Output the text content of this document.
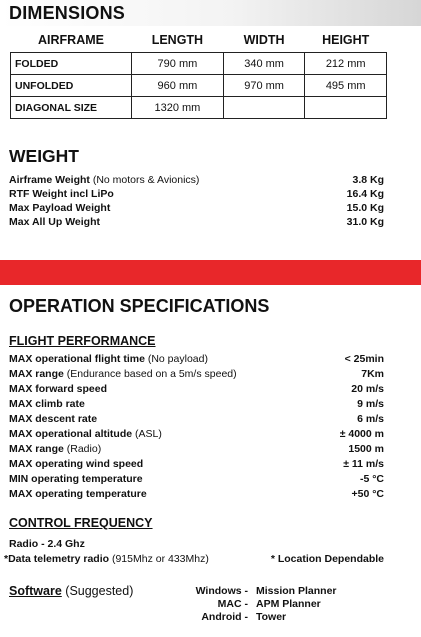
DIMENSIONS
AIRFRAME	LENGTH	WIDTH	HEIGHT
FOLDED	790 mm	340 mm	212 mm
UNFOLDED	960 mm	970 mm	495 mm
DIAGONAL SIZE	1320 mm		
WEIGHT
Airframe Weight (No motors & Avionics)	3.8 Kg
RTF Weight incl LiPo	16.4 Kg
Max Payload Weight	15.0 Kg
Max All Up Weight	31.0 Kg
OPERATION SPECIFICATIONS
FLIGHT PERFORMANCE
MAX operational flight time (No payload)	< 25min
MAX range (Endurance based on a 5m/s speed)	7Km
MAX forward speed	20 m/s
MAX climb rate	9 m/s
MAX descent rate	6 m/s
MAX operational altitude (ASL)	± 4000 m
MAX range (Radio)	1500 m
MAX operating wind speed	± 11 m/s
MIN operating temperature	-5 °C
MAX operating temperature	+50 °C
CONTROL FREQUENCY
Radio - 2.4 Ghz
*Data telemetry radio (915Mhz or 433Mhz)	* Location Dependable
Software (Suggested)	Windows - Mission Planner
MAC - APM Planner
Android - Tower
